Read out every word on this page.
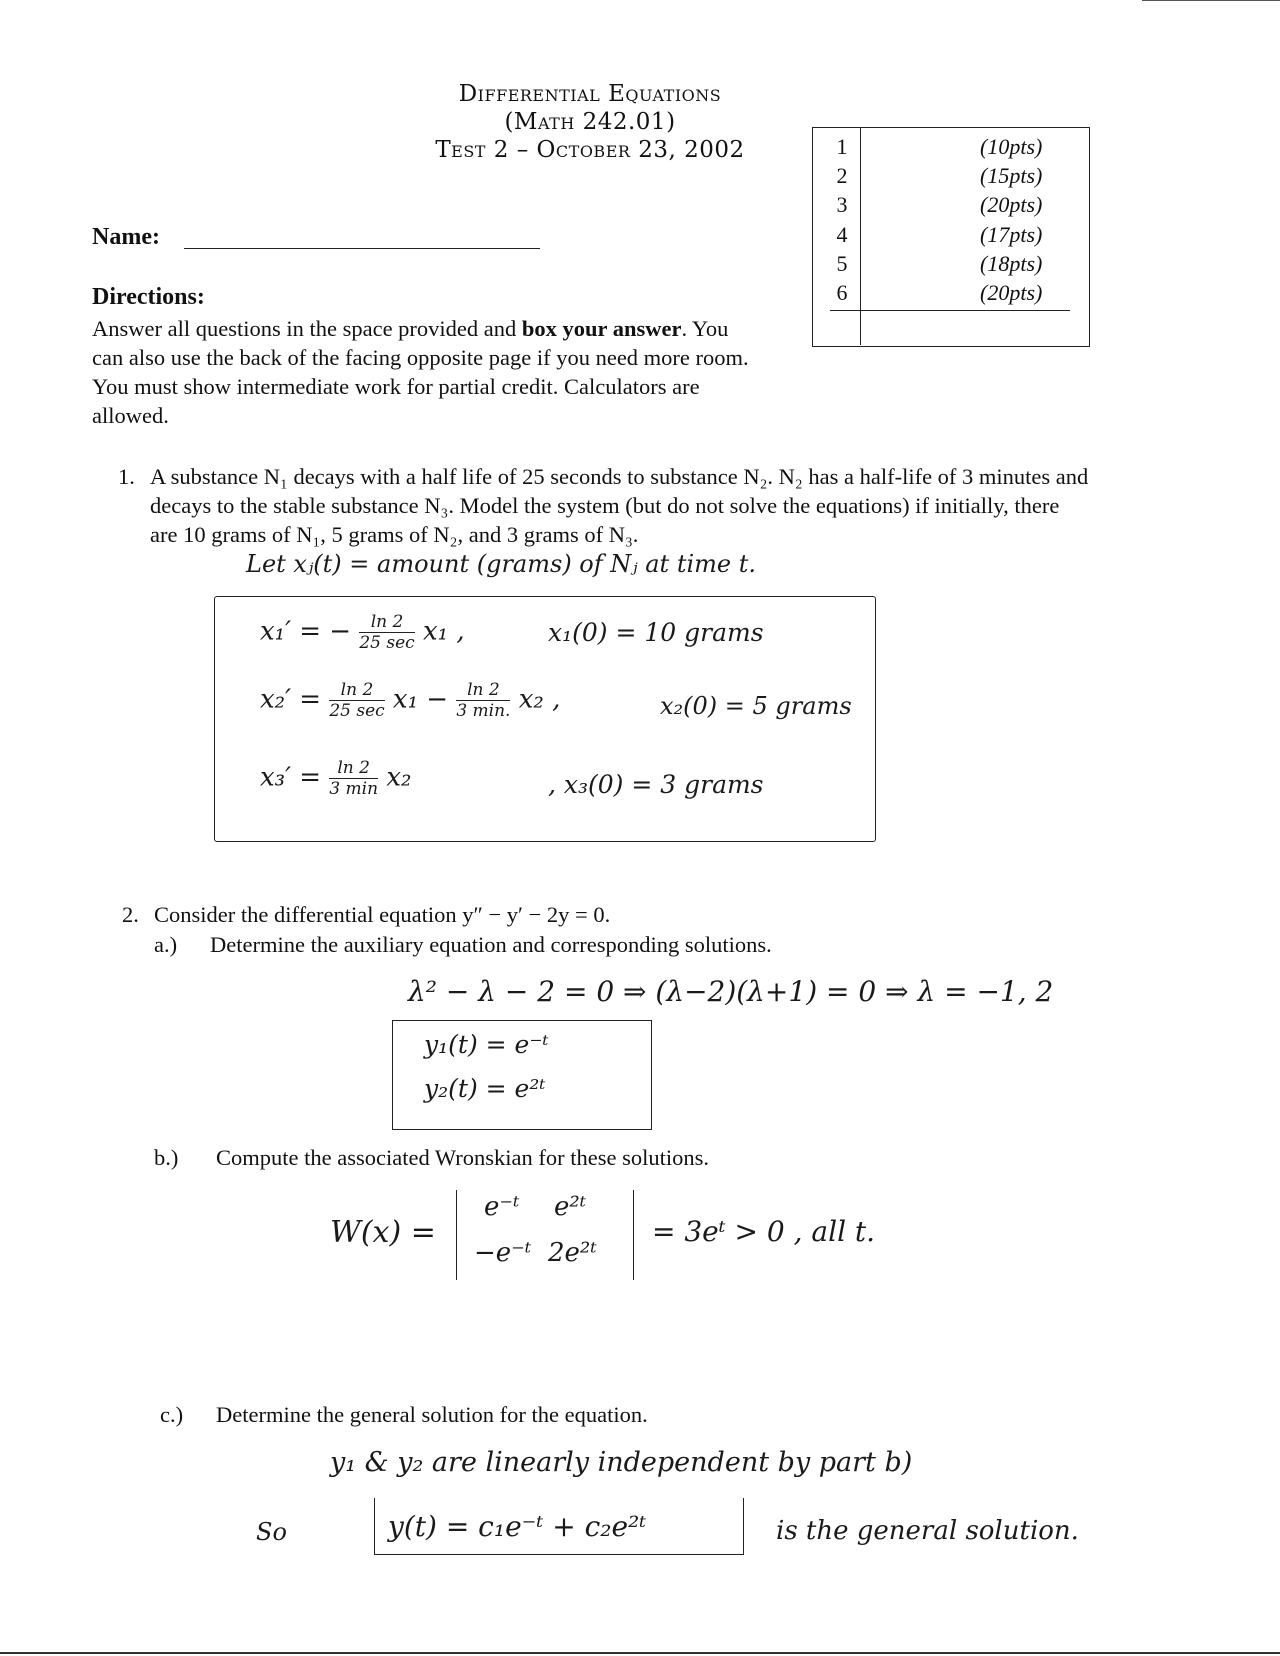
Differential Equations
(Math 242.01)
Test 2 – October 23, 2002
Name:
Directions:
Answer all questions in the space provided and box your answer. You can also use the back of the facing opposite page if you need more room. You must show intermediate work for partial credit. Calculators are allowed.
1	(10pts)
2	(15pts)
3	(20pts)
4	(17pts)
5	(18pts)
6	(20pts)
1. A substance N₁ decays with a half life of 25 seconds to substance N₂. N₂ has a half-life of 3 minutes and decays to the stable substance N₃. Model the system (but do not solve the equations) if initially, there are 10 grams of N₁, 5 grams of N₂, and 3 grams of N₃.
Let xⱼ(t) = amount (grams) of Nⱼ at time t.
x₁′ = − $\frac{\ln 2}{25 \sec} x_1$ ,	x₁(0) = 10 grams
$x_2' = \frac{\ln 2}{25 \sec} x_1 - \frac{\ln 2}{3 \min.} x_2$ ,	x₂(0) = 5 grams
$x_3' = \frac{\ln 2}{3 \min} x_2$	, x₃(0) = 3 grams
2. Consider the differential equation y″ − y′ − 2y = 0.
a.) Determine the auxiliary equation and corresponding solutions.
λ² − λ − 2 = 0 ⇒ (λ−2)(λ+1) = 0 ⇒ λ = −1, 2
y₁(t) = e⁻ᵗ
y₂(t) = e²ᵗ
b.) Compute the associated Wronskian for these solutions.
W(x) =
e⁻ᵗ e²ᵗ
−e⁻ᵗ 2e²ᵗ
= 3eᵗ > 0 , all t.
c.) Determine the general solution for the equation.
y₁ & y₂ are linearly independent by part b)
So	y(t) = c₁e⁻ᵗ + c₂e²ᵗ	is the general solution.
